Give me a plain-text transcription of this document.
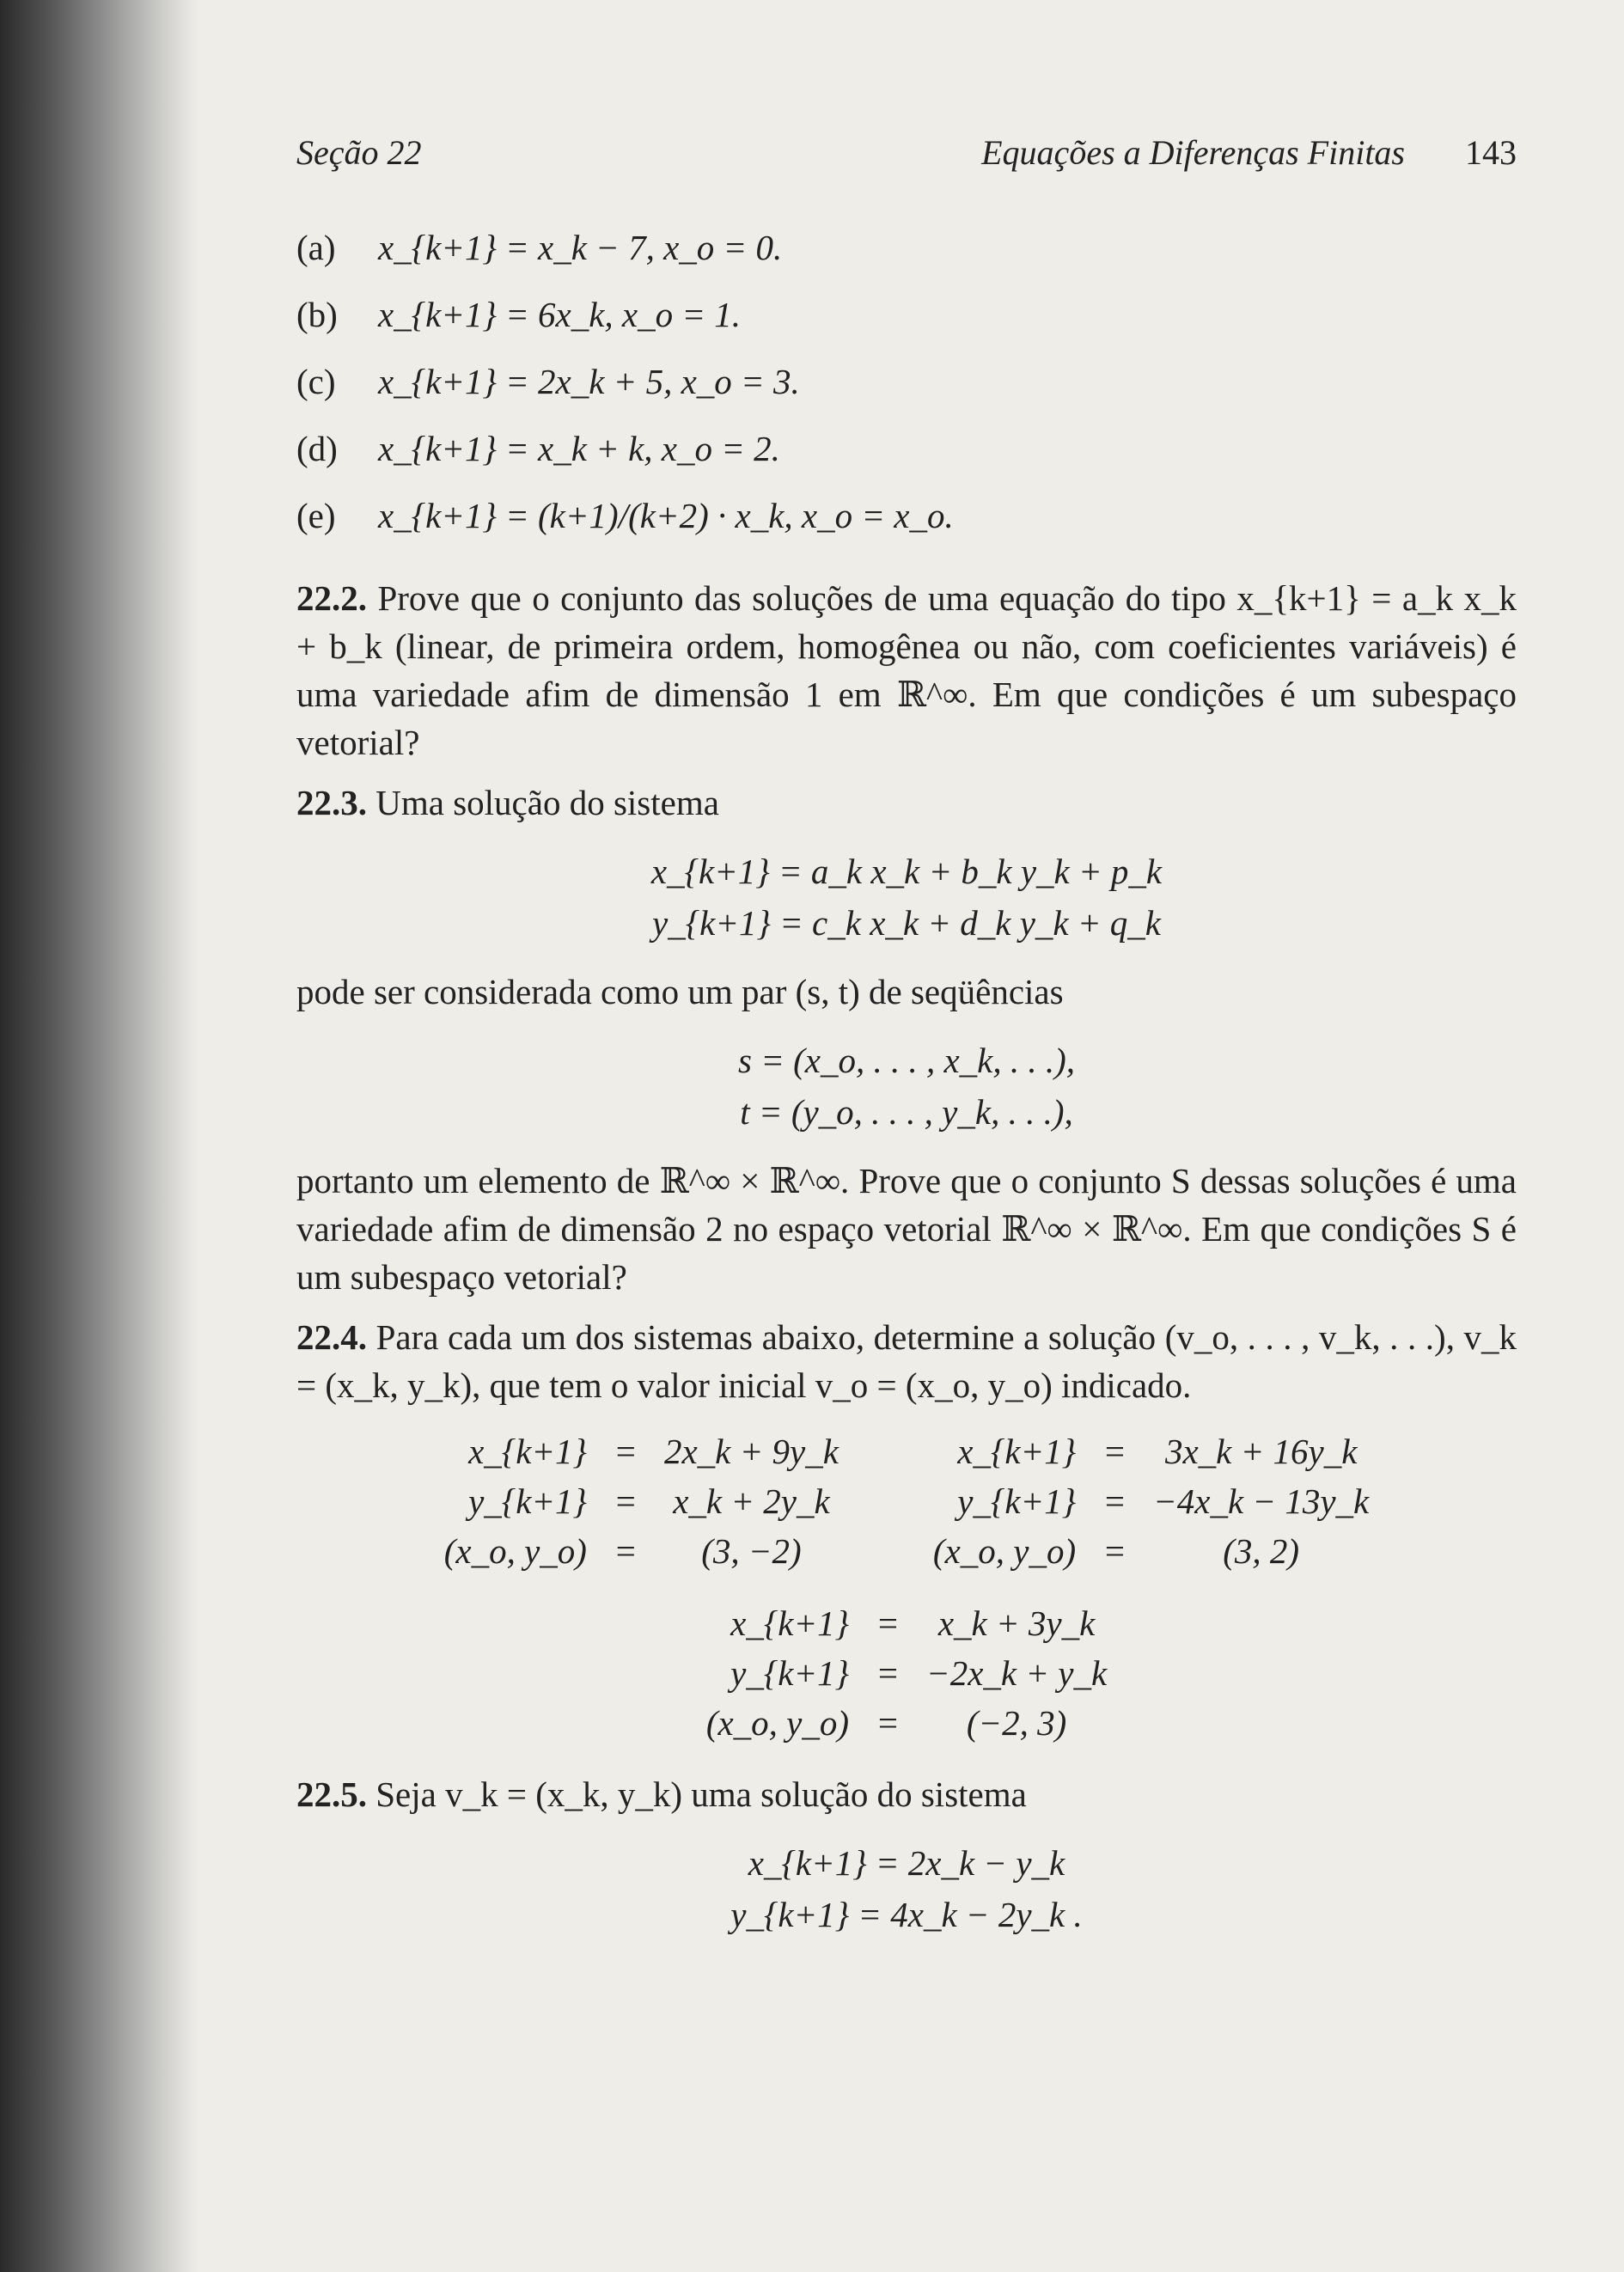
Seção 22	Equações a Diferenças Finitas 143
(a)	x_{k+1} = x_k − 7, x_o = 0.
(b)	x_{k+1} = 6x_k, x_o = 1.
(c)	x_{k+1} = 2x_k + 5, x_o = 3.
(d)	x_{k+1} = x_k + k, x_o = 2.
(e)	x_{k+1} = (k+1)/(k+2) · x_k, x_o = x_o.

22.2. Prove que o conjunto das soluções de uma equação do tipo x_{k+1} = a_k x_k + b_k (linear, de primeira ordem, homogênea ou não, com coeficientes variáveis) é uma variedade afim de dimensão 1 em ℝ^∞. Em que condições é um subespaço vetorial?

22.3. Uma solução do sistema

x_{k+1} = a_k x_k + b_k y_k + p_k
y_{k+1} = c_k x_k + d_k y_k + q_k

pode ser considerada como um par (s, t) de seqüências

s = (x_o, . . . , x_k, . . .),
t = (y_o, . . . , y_k, . . .),

portanto um elemento de ℝ^∞ × ℝ^∞. Prove que o conjunto S dessas soluções é uma variedade afim de dimensão 2 no espaço vetorial ℝ^∞ × ℝ^∞. Em que condições S é um subespaço vetorial?

22.4. Para cada um dos sistemas abaixo, determine a solução (v_o, . . . , v_k, . . .), v_k = (x_k, y_k), que tem o valor inicial v_o = (x_o, y_o) indicado.

x_{k+1}	=	2x_k + 9y_k
y_{k+1}	=	x_k + 2y_k
(x_o, y_o)	=	(3, −2)
x_{k+1}	=	3x_k + 16y_k
y_{k+1}	=	−4x_k − 13y_k
(x_o, y_o)	=	(3, 2)
x_{k+1}	=	x_k + 3y_k
y_{k+1}	=	−2x_k + y_k
(x_o, y_o)	=	(−2, 3)

22.5. Seja v_k = (x_k, y_k) uma solução do sistema

x_{k+1} = 2x_k − y_k
y_{k+1} = 4x_k − 2y_k .
